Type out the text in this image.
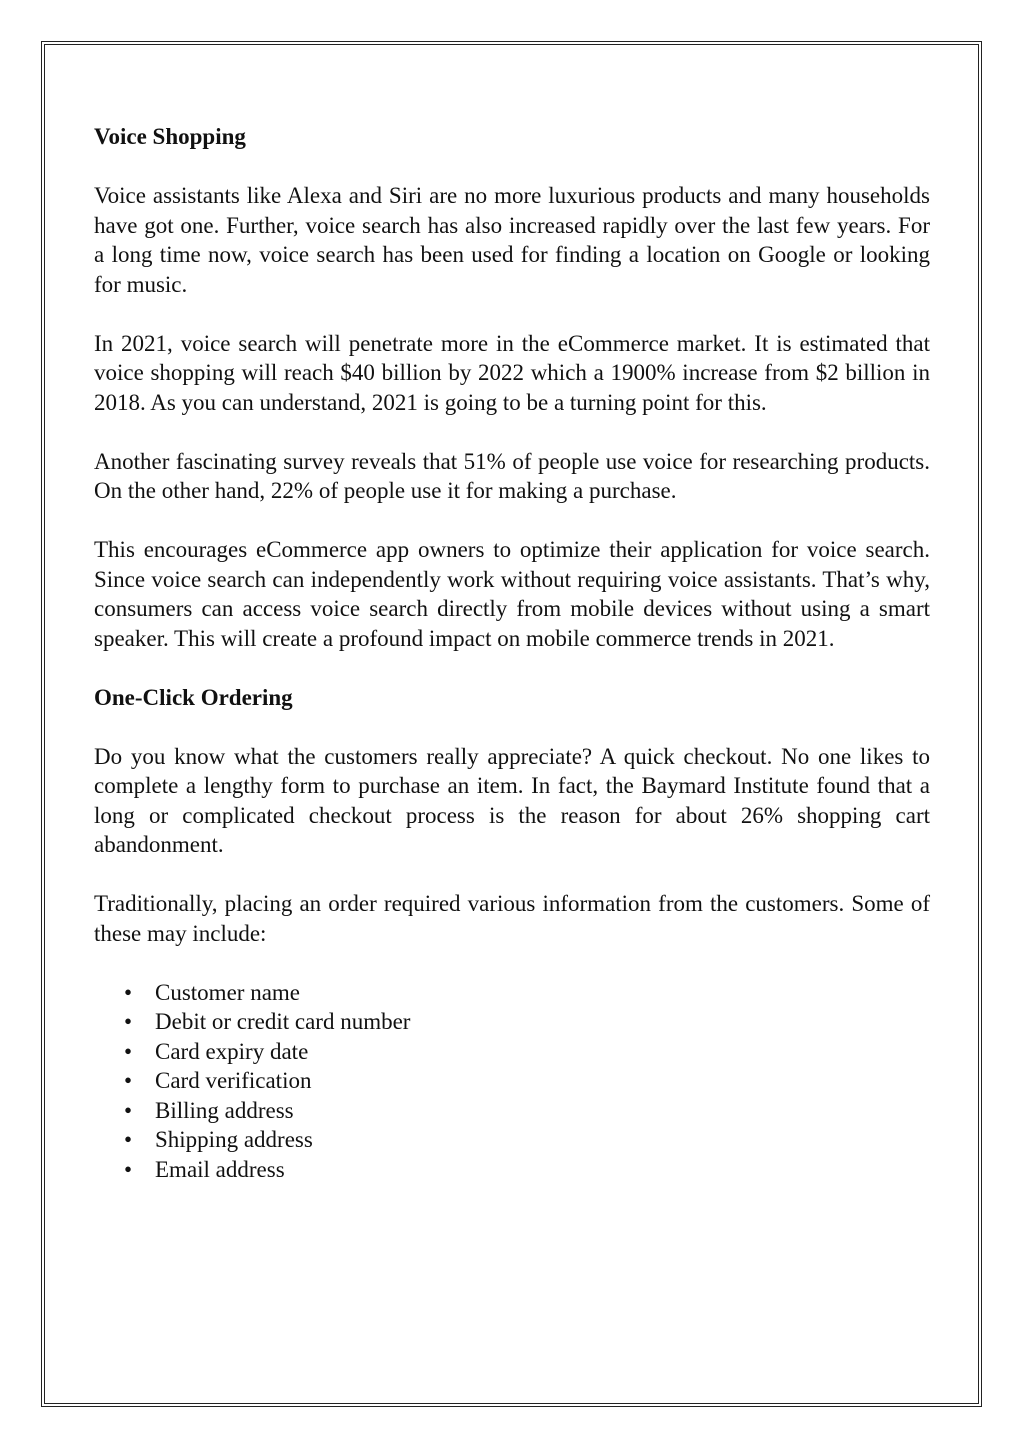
Voice Shopping

Voice assistants like Alexa and Siri are no more luxurious products and many households have got one. Further, voice search has also increased rapidly over the last few years. For a long time now, voice search has been used for finding a location on Google or looking for music.

In 2021, voice search will penetrate more in the eCommerce market. It is estimated that voice shopping will reach $40 billion by 2022 which a 1900% increase from $2 billion in 2018. As you can understand, 2021 is going to be a turning point for this.

Another fascinating survey reveals that 51% of people use voice for researching products. On the other hand, 22% of people use it for making a purchase.

This encourages eCommerce app owners to optimize their application for voice search. Since voice search can independently work without requiring voice assistants. That’s why, consumers can access voice search directly from mobile devices without using a smart speaker. This will create a profound impact on mobile commerce trends in 2021.

One-Click Ordering

Do you know what the customers really appreciate? A quick checkout. No one likes to complete a lengthy form to purchase an item. In fact, the Baymard Institute found that a long or complicated checkout process is the reason for about 26% shopping cart abandonment.

Traditionally, placing an order required various information from the customers. Some of these may include:

• Customer name
• Debit or credit card number
• Card expiry date
• Card verification
• Billing address
• Shipping address
• Email address
